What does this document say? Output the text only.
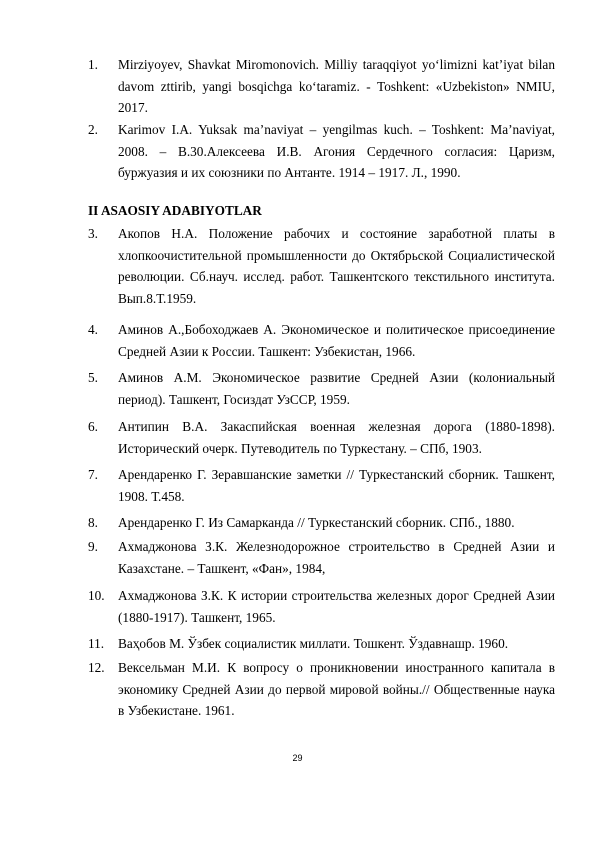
1.	Mirziyoyev, Shavkat Miromonovich. Milliy taraqqiyot yo‘limizni kat’iyat bilan davom zttirib, yangi bosqichga ko‘taramiz. - Toshkent: «Uzbekiston» NMIU, 2017.
2.	Karimov I.A. Yuksak ma’naviyat – yengilmas kuch. – Toshkent: Ma’naviyat, 2008. – В.30.Алексеева И.В. Агония Сердечного согласия: Царизм, буржуазия и их союзники по Антанте. 1914 – 1917. Л., 1990.
II ASAOSIY ADABIYOTLAR
3.	Акопов Н.А. Положение рабочих и состояние заработной платы в хлопкоочистительной промышленности до Октябрьской Социалистической революции. Сб.науч. исслед. работ. Ташкентского текстильного института. Вып.8.Т.1959.
4.	Аминов А.,Бобоходжаев А. Экономическое и политическое присоединение Средней Азии к России. Ташкент: Узбекистан, 1966.
5.	Аминов А.М. Экономическое развитие Средней Азии (колониальный период). Ташкент, Госиздат УзССР, 1959.
6.	Антипин В.А. Закаспийская военная железная дорога (1880-1898). Исторический очерк. Путеводитель по Туркестану. – СПб, 1903.
7.	Арендаренко Г. Зеравшанские заметки // Туркестанский сборник. Ташкент, 1908. Т.458.
8.	Арендаренко Г. Из Самарканда // Туркестанский сборник. СПб., 1880.
9.	Ахмаджонова З.К. Железнодорожное строительство в Средней Азии и Казахстане. – Ташкент, «Фан», 1984,
10.	Ахмаджонова З.К. К истории строительства железных дорог Средней Азии (1880-1917). Ташкент, 1965.
11.	Ваҳобов М. Ўзбек социалистик миллати. Тошкент. Ўздавнашр. 1960.
12.	Вексельман М.И. К вопросу о проникновении иностранного капитала в экономику Средней Азии до первой мировой войны.// Общественные наука в Узбекистане. 1961.
29
